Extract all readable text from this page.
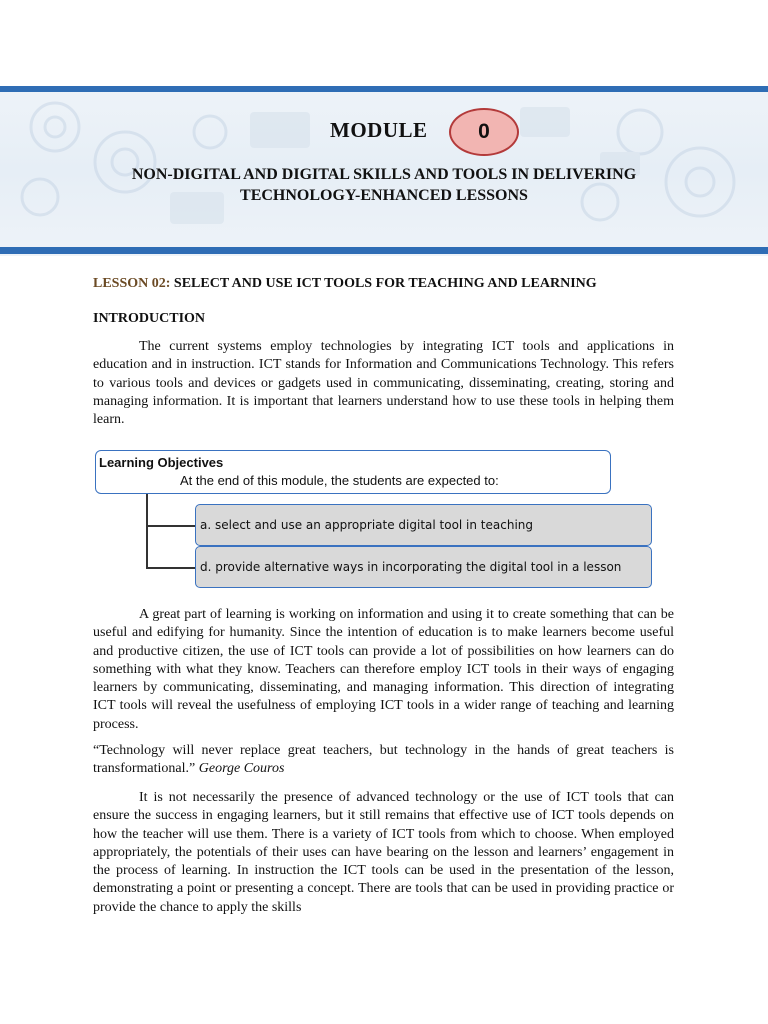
MODULE	0
NON-DIGITAL AND DIGITAL SKILLS AND TOOLS IN DELIVERING
TECHNOLOGY-ENHANCED LESSONS
LESSON 02: SELECT AND USE ICT TOOLS FOR TEACHING AND LEARNING
INTRODUCTION

The current systems employ technologies by integrating ICT tools and applications in education and in instruction. ICT stands for Information and Communications Technology. This refers to various tools and devices or gadgets used in communicating, disseminating, creating, storing and managing information. It is important that learners understand how to use these tools in helping them learn.

Learning Objectives
At the end of this module, the students are expected to:
a. select and use an appropriate digital tool in teaching
d. provide alternative ways in incorporating the digital tool in a lesson

A great part of learning is working on information and using it to create something that can be useful and edifying for humanity. Since the intention of education is to make learners become useful and productive citizen, the use of ICT tools can provide a lot of possibilities on how learners can do something with what they know. Teachers can therefore employ ICT tools in their ways of engaging learners by communicating, disseminating, and managing information. This direction of integrating ICT tools will reveal the usefulness of employing ICT tools in a wider range of teaching and learning process.

“Technology will never replace great teachers, but technology in the hands of great teachers is transformational.” George Couros

It is not necessarily the presence of advanced technology or the use of ICT tools that can ensure the success in engaging learners, but it still remains that effective use of ICT tools depends on how the teacher will use them. There is a variety of ICT tools from which to choose. When employed appropriately, the potentials of their uses can have bearing on the lesson and learners’ engagement in the process of learning. In instruction the ICT tools can be used in the presentation of the lesson, demonstrating a point or presenting a concept. There are tools that can be used in providing practice or provide the chance to apply the skills
